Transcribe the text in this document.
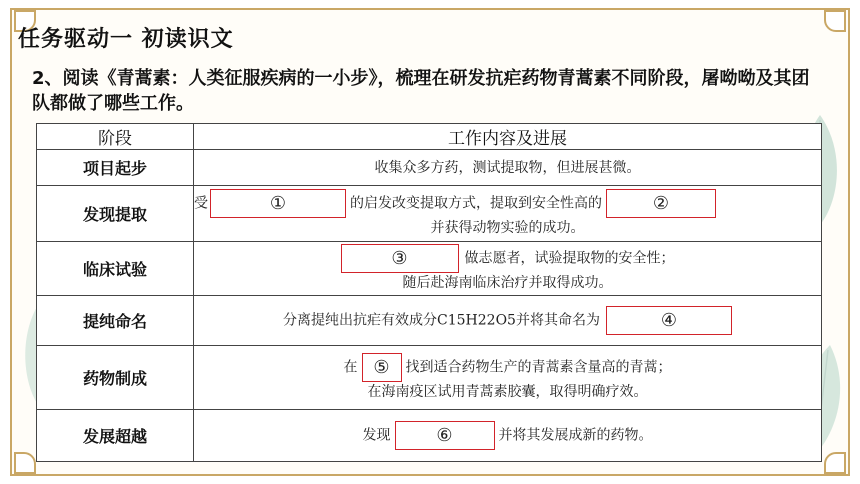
任务驱动一 初读识文
2、阅读《青蒿素：人类征服疾病的一小步》，梳理在研发抗疟药物青蒿素不同阶段，屠呦呦及其团队都做了哪些工作。
阶段	工作内容及进展
项目起步	收集众多方药，测试提取物，但进展甚微。
发现提取	受 ① 的启发改变提取方式，提取到安全性高的 ②
并获得动物实验的成功。

临床试验	③ 做志愿者，试验提取物的安全性；
随后赴海南临床治疗并取得成功。

提纯命名	分离提纯出抗疟有效成分C15H22O5并将其命名为 ④
药物制成	在 ⑤ 找到适合药物生产的青蒿素含量高的青蒿；
在海南疫区试用青蒿素胶囊，取得明确疗效。

发展超越	发现 ⑥ 并将其发展成新的药物。
